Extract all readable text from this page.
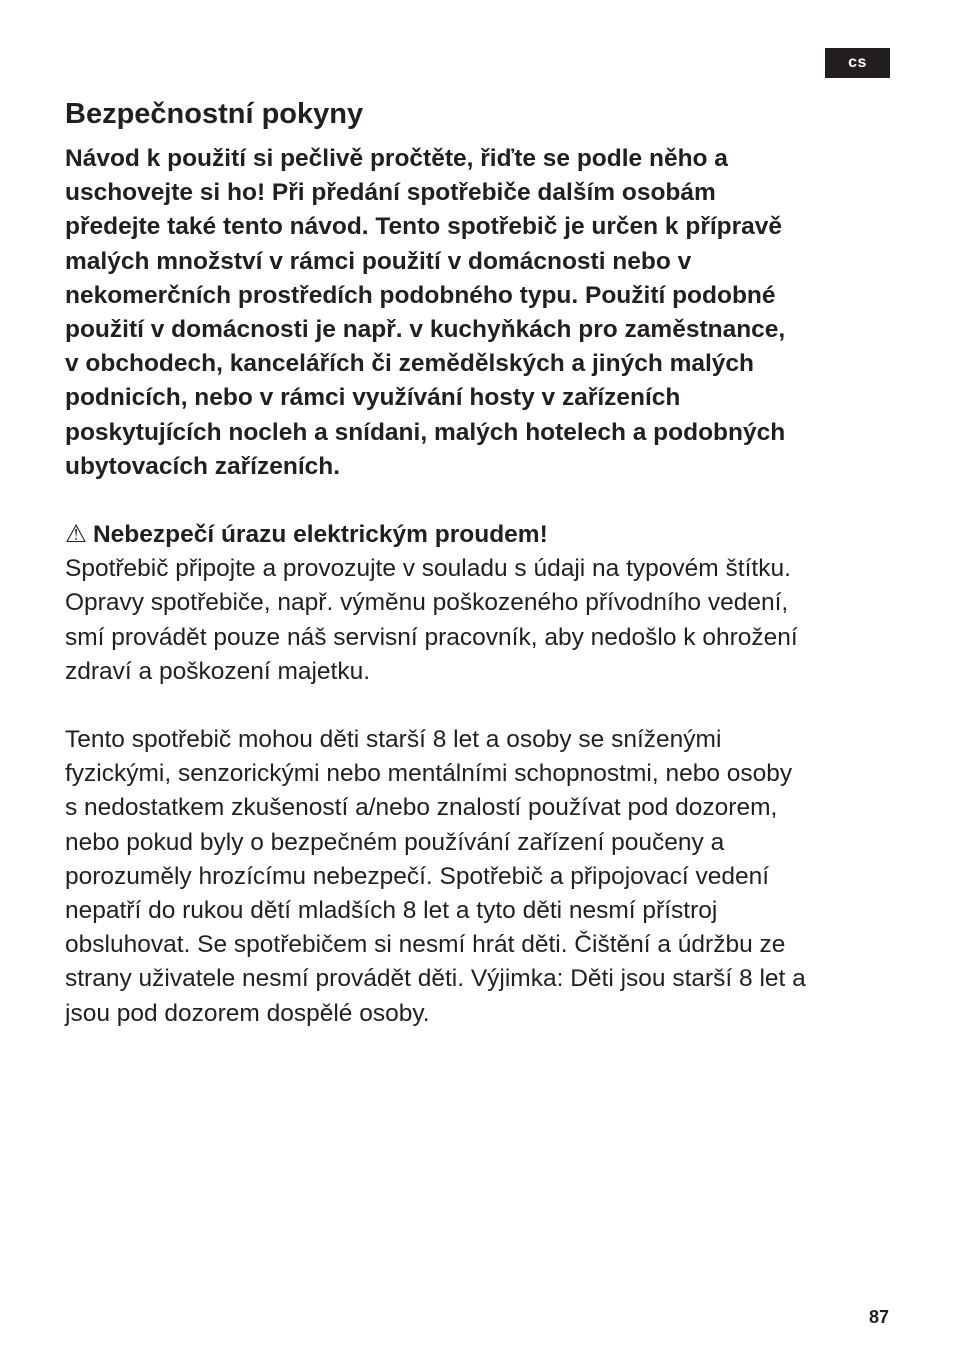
cs
Bezpečnostní pokyny

Návod k použití si pečlivě pročtěte, řiďte se podle něho a
uschovejte si ho! Při předání spotřebiče dalším osobám
předejte také tento návod. Tento spotřebič je určen k přípravě
malých množství v rámci použití v domácnosti nebo v
nekomerčních prostředích podobného typu. Použití podobné
použití v domácnosti je např. v kuchyňkách pro zaměstnance,
v obchodech, kancelářích či zemědělských a jiných malých
podnicích, nebo v rámci využívání hosty v zařízeních
poskytujících nocleh a snídani, malých hotelech a podobných
ubytovacích zařízeních.

⚠ Nebezpečí úrazu elektrickým proudem!

Spotřebič připojte a provozujte v souladu s údaji na typovém štítku.
Opravy spotřebiče, např. výměnu poškozeného přívodního vedení,
smí provádět pouze náš servisní pracovník, aby nedošlo k ohrožení
zdraví a poškození majetku.

Tento spotřebič mohou děti starší 8 let a osoby se sníženými
fyzickými, senzorickými nebo mentálními schopnostmi, nebo osoby
s nedostatkem zkušeností a/nebo znalostí používat pod dozorem,
nebo pokud byly o bezpečném používání zařízení poučeny a
porozuměly hrozícímu nebezpečí. Spotřebič a připojovací vedení
nepatří do rukou dětí mladších 8 let a tyto děti nesmí přístroj
obsluhovat. Se spotřebičem si nesmí hrát děti. Čištění a údržbu ze
strany uživatele nesmí provádět děti. Výjimka: Děti jsou starší 8 let a
jsou pod dozorem dospělé osoby.

87
